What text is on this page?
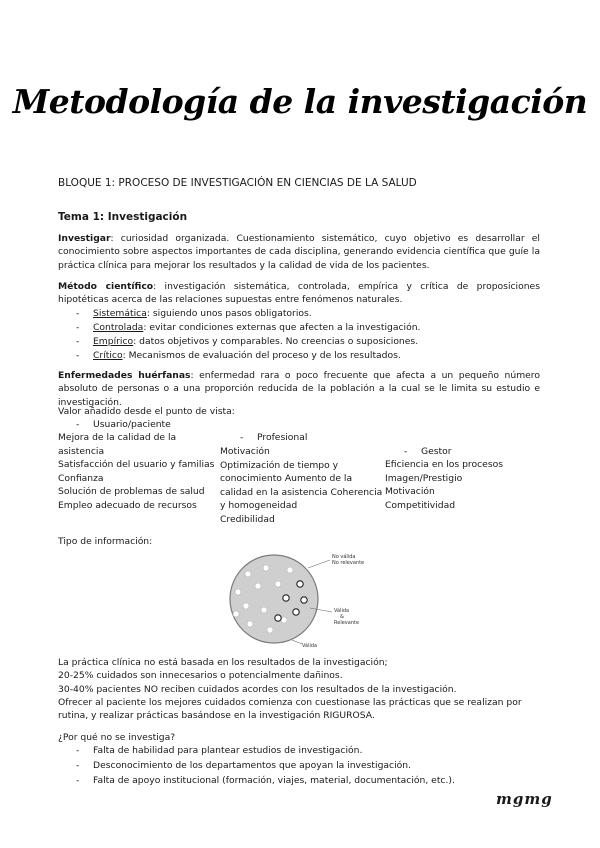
Metodología de la investigación
BLOQUE 1: PROCESO DE INVESTIGACIÓN EN CIENCIAS DE LA SALUD
Tema 1: Investigación
Investigar: curiosidad organizada. Cuestionamiento sistemático, cuyo objetivo es desarrollar el conocimiento sobre aspectos importantes de cada disciplina, generando evidencia científica que guíe la práctica clínica para mejorar los resultados y la calidad de vida de los pacientes.
Método científico: investigación sistemática, controlada, empírica y crítica de proposiciones hipotéticas acerca de las relaciones supuestas entre fenómenos naturales.
- Sistemática: siguiendo unos pasos obligatorios.
- Controlada: evitar condiciones externas que afecten a la investigación.
- Empírico: datos objetivos y comparables. No creencias o suposiciones.
- Crítico: Mecanismos de evaluación del proceso y de los resultados.
Enfermedades huérfanas: enfermedad rara o poco frecuente que afecta a un pequeño número absoluto de personas o a una proporción reducida de la población a la cual se le limita su estudio e investigación.
Valor añadido desde el punto de vista:
- Usuario/paciente
Mejora de la calidad de la
asistencia
Satisfacción del usuario y familias
Confianza
Solución de problemas de salud
Empleo adecuado de recursos
- Profesional
Motivación
Optimización de tiempo y
conocimiento Aumento de la
calidad en la asistencia Coherencia
y homogeneidad
Credibilidad
- Gestor
Eficiencia en los procesos
Imagen/Prestigio
Motivación
Competitividad
Tipo de información:
No válida
No relevante
Válida
&
Relevante
Válida
La práctica clínica no está basada en los resultados de la investigación;
20-25% cuidados son innecesarios o potencialmente dañinos.
30-40% pacientes NO reciben cuidados acordes con los resultados de la investigación.
Ofrecer al paciente los mejores cuidados comienza con cuestionase las prácticas que se realizan por rutina, y realizar prácticas basándose en la investigación RIGUROSA.
¿Por qué no se investiga?
- Falta de habilidad para plantear estudios de investigación.
- Desconocimiento de los departamentos que apoyan la investigación.
- Falta de apoyo institucional (formación, viajes, material, documentación, etc.).
mgmg
